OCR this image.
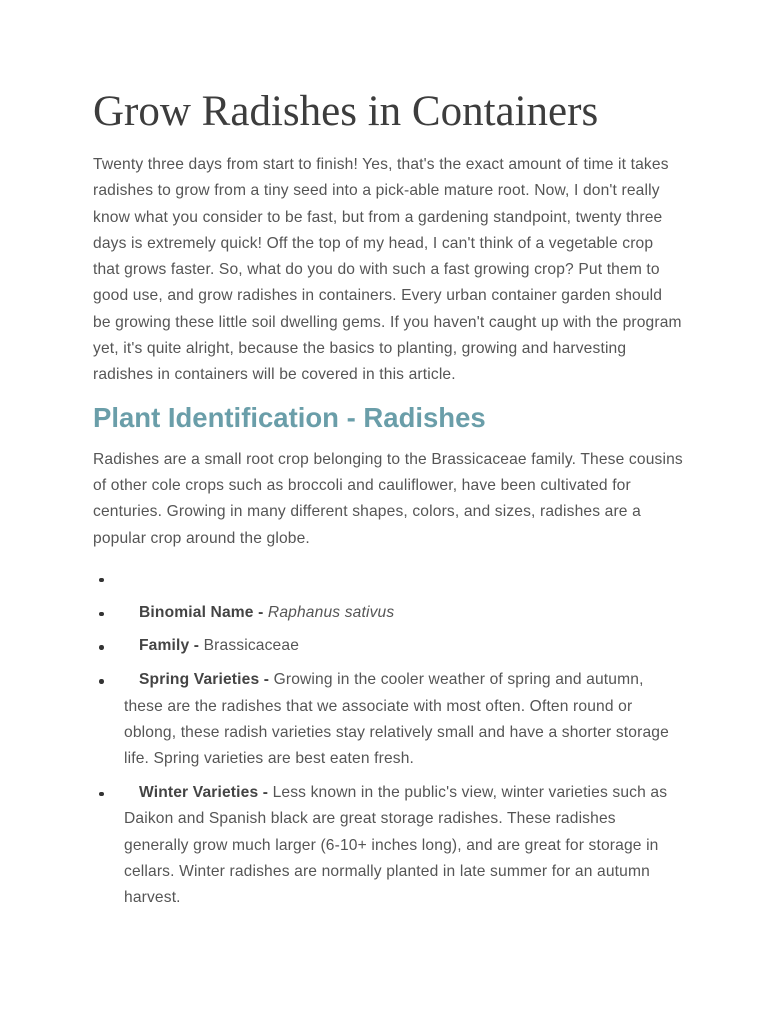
Grow Radishes in Containers

Twenty three days from start to finish! Yes, that's the exact amount of time it takes radishes to grow from a tiny seed into a pick-able mature root. Now, I don't really know what you consider to be fast, but from a gardening standpoint, twenty three days is extremely quick! Off the top of my head, I can't think of a vegetable crop that grows faster. So, what do you do with such a fast growing crop? Put them to good use, and grow radishes in containers. Every urban container garden should be growing these little soil dwelling gems. If you haven't caught up with the program yet, it's quite alright, because the basics to planting, growing and harvesting radishes in containers will be covered in this article.

Plant Identification - Radishes

Radishes are a small root crop belonging to the Brassicaceae family. These cousins of other cole crops such as broccoli and cauliflower, have been cultivated for centuries. Growing in many different shapes, colors, and sizes, radishes are a popular crop around the globe.

Binomial Name - Raphanus sativus
Family - Brassicaceae
Spring Varieties - Growing in the cooler weather of spring and autumn, these are the radishes that we associate with most often. Often round or oblong, these radish varieties stay relatively small and have a shorter storage life. Spring varieties are best eaten fresh.
Winter Varieties - Less known in the public's view, winter varieties such as Daikon and Spanish black are great storage radishes. These radishes generally grow much larger (6-10+ inches long), and are great for storage in cellars. Winter radishes are normally planted in late summer for an autumn harvest.
